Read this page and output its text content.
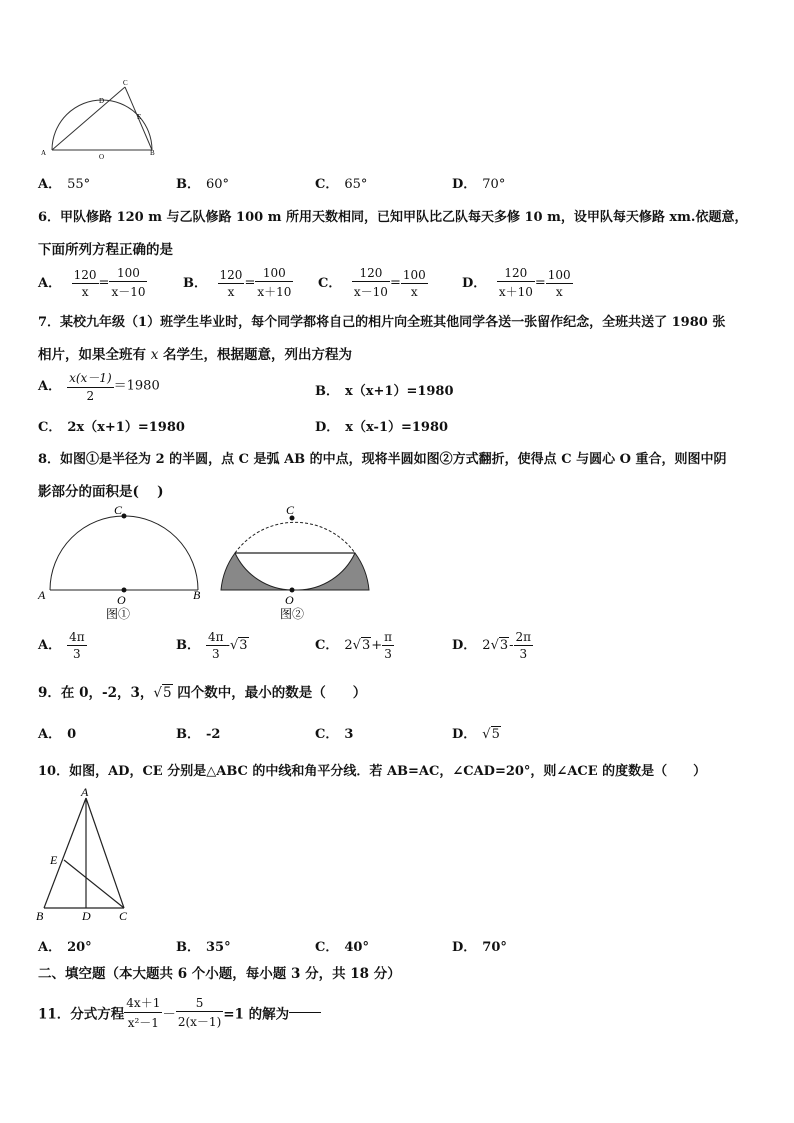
A	B
C
D
E
O
A． 55°	B． 60°	C． 65°	D． 70°
6．甲队修路 120 m 与乙队修路 100 m 所用天数相同，已知甲队比乙队每天多修 10 m，设甲队每天修路 xm.依题意，
下面所列方程正确的是
A． $\frac{120}{x} = \frac{100}{x-10}$	B． $\frac{120}{x} = \frac{100}{x+10}$ C． $\frac{120}{x-10} = \frac{100}{x}$	D． $\frac{120}{x+10} = \frac{100}{x}$
7．某校九年级（1）班学生毕业时，每个同学都将自己的相片向全班其他同学各送一张留作纪念，全班共送了 1980 张
相片，如果全班有 x 名学生，根据题意，列出方程为
A． $\frac{x(x-1)}{2} =1980$	B． x（x+1）=1980
C． 2x（x+1）=1980	D． x（x-1）=1980
8．如图①是半径为 2 的半圆，点 C 是弧 AB 的中点，现将半圆如图②方式翻折，使得点 C 与圆心 O 重合，则图中阴
影部分的面积是(　 )
C
A	B
O
图①
C
O
图②
A． $\frac{4\pi}{3}$	B． $\frac{4\pi}{3} -√3$	C． $2√3+ \frac{\pi}{3}$	D． $2√3- \frac{2\pi}{3}$
9．在 0，-2，3，√5 四个数中，最小的数是（　　）
A． 0	B． -2	C． 3	D． √5
10．如图，AD，CE 分别是△ABC 的中线和角平分线．若 AB=AC，∠CAD=20°，则∠ACE 的度数是（　　）
A
E
B	D C
A． 20°	B． 35°	C． 40°	D． 70°
二、填空题（本大题共 6 个小题，每小题 3 分，共 18 分）
11．分式方程 $\frac{4x+1}{\text{x²－1}} - \frac{5}{2(x-1)} =1$ 的解为
